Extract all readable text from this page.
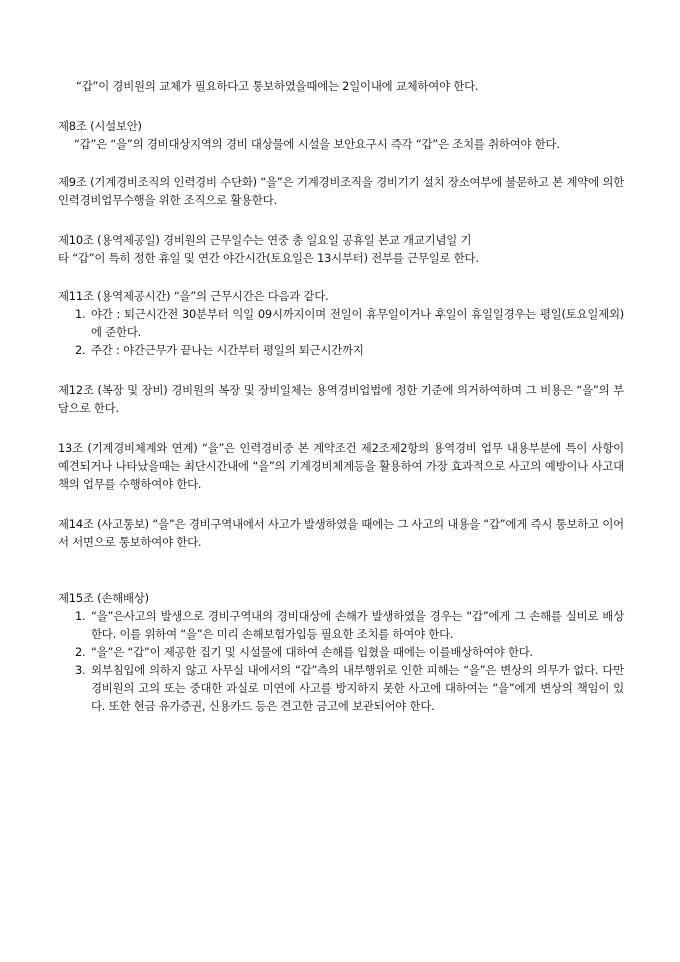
“갑”이 경비원의 교체가 필요하다고 통보하였을때에는 2일이내에 교체하여야 한다.

제8조 (시설보안)

“갑”은 “을”의 경비대상지역의 경비 대상물에 시설을 보안요구시 즉각 “갑”은 조치를 취하여야 한다.

제9조 (기계경비조직의 인력경비 수단화) “을”은 기계경비조직을 경비기기 설치 장소여부에 불문하고 본 계약에 의한 인력경비업무수행을 위한 조직으로 활용한다.

제10조 (용역제공일) 경비원의 근무일수는 연중 총 일요일 공휴일 본교 개교기념일 기

타 “갑”이 특히 정한 휴일 및 연간 야간시간(토요일은 13시부터) 전부를 근무일로 한다.

제11조 (용역제공시간) “을”의 근무시간은 다음과 같다.

1. 야간 : 퇴근시간전 30분부터 익일 09시까지이며 전일이 휴무일이거나 후일이 휴일일경우는 평일(토요일제외)에 준한다.
2. 주간 : 야간근무가 끝나는 시간부터 평일의 퇴근시간까지

제12조 (복장 및 장비) 경비원의 복장 및 장비일체는 용역경비업법에 정한 기준에 의거하여하며 그 비용은 “을”의 부담으로 한다.

13조 (기계경비체계와 연계) “을”은 인력경비중 본 계약조건 제2조제2항의 용역경비 업무 내용부분에 특이 사항이 예견되거나 나타났을때는 최단시간내에 “을”의 기계경비체계등을 활용하여 가장 효과적으로 사고의 예방이나 사고대책의 업무를 수행하여야 한다.

제14조 (사고통보) “을”은 경비구역내에서 사고가 발생하였을 때에는 그 사고의 내용을 “갑”에게 즉시 통보하고 이어서 서면으로 통보하여야 한다.

제15조 (손해배상)

1. “을”은사고의 발생으로 경비구역내의 경비대상에 손해가 발생하였을 경우는 “갑”에게 그 손해를 실비로 배상한다. 이를 위하여 “을”은 미리 손해보험가입등 필요한 조치를 하여야 한다.
2. “을”은 “갑”이 제공한 집기 및 시설물에 대하여 손해를 입혔을 때에는 이를배상하여야 한다.
3. 외부침입에 의하지 않고 사무실 내에서의 “갑”측의 내부행위로 인한 피해는 “을”은 변상의 의무가 없다. 다만 경비원의 고의 또는 중대한 과실로 미연에 사고를 방지하지 못한 사고에 대하여는 “을”에게 변상의 책임이 있다. 또한 현금 유가증권, 신용카드 등은 견고한 금고에 보관되어야 한다.
